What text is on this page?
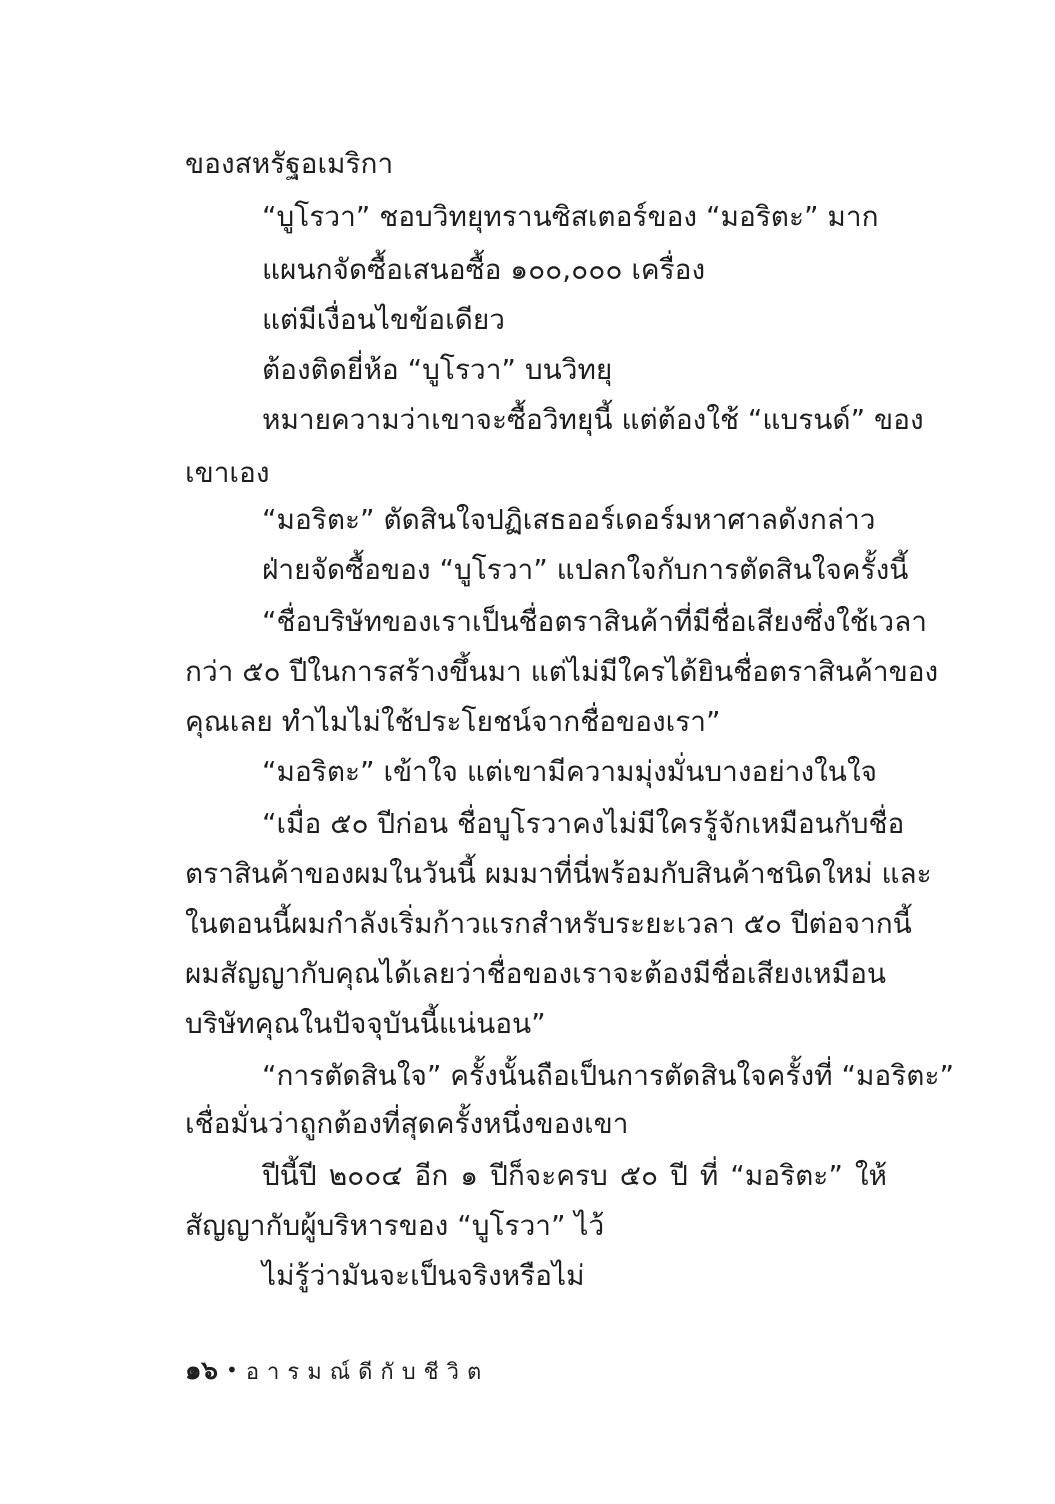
ของสหรัฐอเมริกา
“บูโรวา” ชอบวิทยุทรานซิสเตอร์ของ “มอริตะ” มาก
แผนกจัดซื้อเสนอซื้อ ๑๐๐,๐๐๐ เครื่อง
แต่มีเงื่อนไขข้อเดียว
ต้องติดยี่ห้อ “บูโรวา” บนวิทยุ
หมายความว่าเขาจะซื้อวิทยุนี้ แต่ต้องใช้ “แบรนด์” ของ
เขาเอง
“มอริตะ” ตัดสินใจปฏิเสธออร์เดอร์มหาศาลดังกล่าว
ฝ่ายจัดซื้อของ “บูโรวา” แปลกใจกับการตัดสินใจครั้งนี้
“ชื่อบริษัทของเราเป็นชื่อตราสินค้าที่มีชื่อเสียงซึ่งใช้เวลา
กว่า ๕๐ ปีในการสร้างขึ้นมา แต่ไม่มีใครได้ยินชื่อตราสินค้าของ
คุณเลย ทำไมไม่ใช้ประโยชน์จากชื่อของเรา”
“มอริตะ” เข้าใจ แต่เขามีความมุ่งมั่นบางอย่างในใจ
“เมื่อ ๕๐ ปีก่อน ชื่อบูโรวาคงไม่มีใครรู้จักเหมือนกับชื่อ
ตราสินค้าของผมในวันนี้ ผมมาที่นี่พร้อมกับสินค้าชนิดใหม่ และ
ในตอนนี้ผมกำลังเริ่มก้าวแรกสำหรับระยะเวลา ๕๐ ปีต่อจากนี้
ผมสัญญากับคุณได้เลยว่าชื่อของเราจะต้องมีชื่อเสียงเหมือน
บริษัทคุณในปัจจุบันนี้แน่นอน”
“การตัดสินใจ” ครั้งนั้นถือเป็นการตัดสินใจครั้งที่ “มอริตะ”
เชื่อมั่นว่าถูกต้องที่สุดครั้งหนึ่งของเขา
ปีนี้ปี ๒๐๐๔ อีก ๑ ปีก็จะครบ ๕๐ ปี ที่ “มอริตะ” ให้
สัญญากับผู้บริหารของ “บูโรวา” ไว้
ไม่รู้ว่ามันจะเป็นจริงหรือไม่
๑๖ • อารมณ์ดีกับชีวิต
